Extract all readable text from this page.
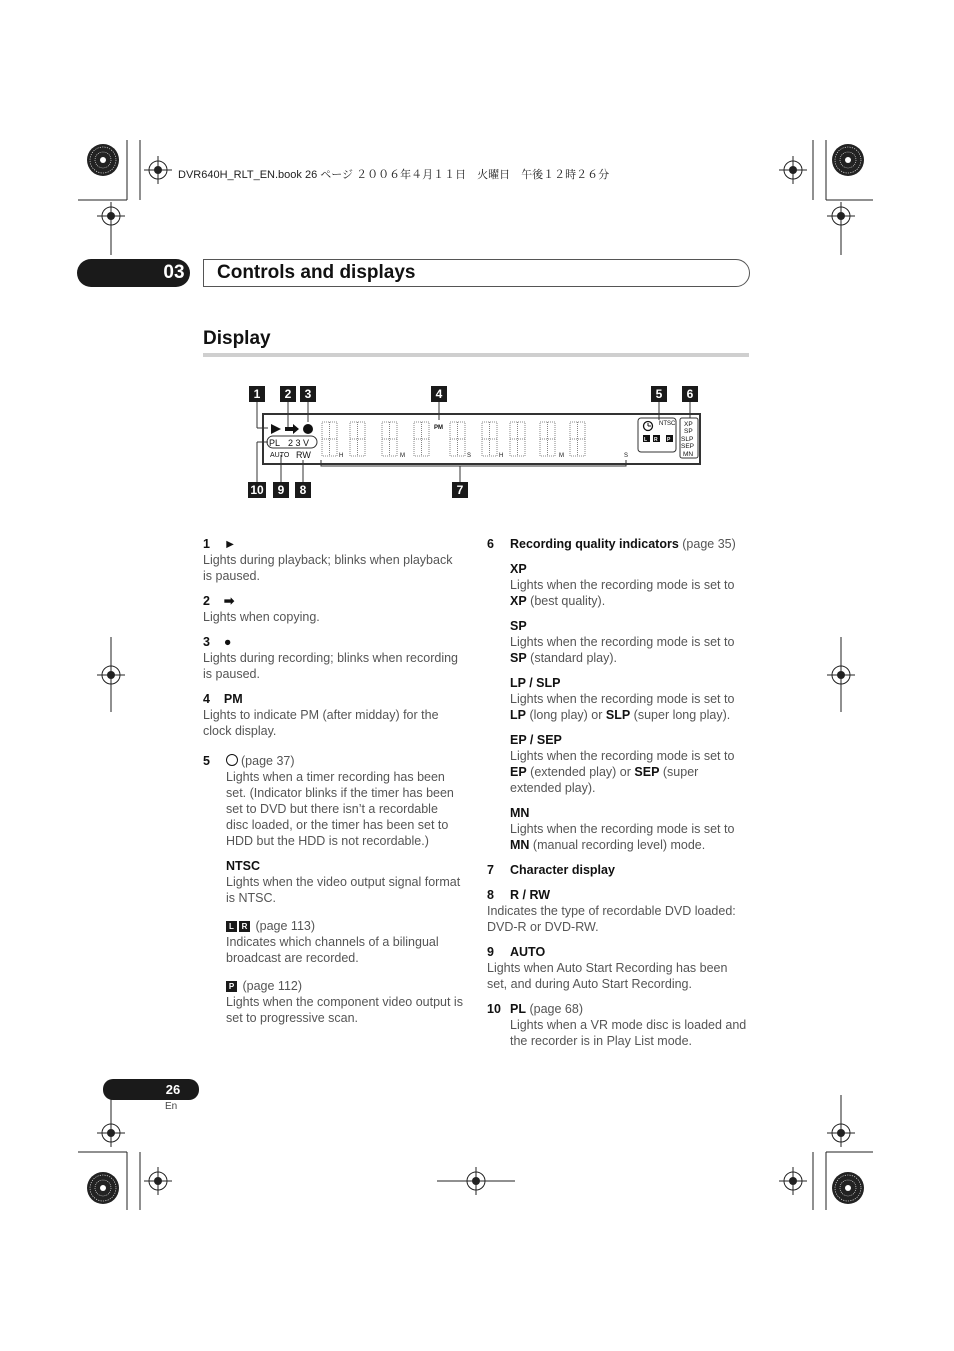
DVR640H_RLT_EN.book 26 ページ ２００６年４月１１日　火曜日　午後１２時２６分
03 Controls and displays
Display
PL 2 3 V
AUTO RW
PM
NTSC
L R P
XP
SP
SLP
SEP
MN
H	M	S	H	M	S
1	2	3	4	5	6
10	9	8	7
1 ►
Lights during playback; blinks when playback is paused.
2 ➡
Lights when copying.
3 ●
Lights during recording; blinks when recording is paused.
4 PM
Lights to indicate PM (after midday) for the clock display.
5	(page 37)
Lights when a timer recording has been set. (Indicator blinks if the timer has been set to DVD but there isn’t a recordable disc loaded, or the timer has been set to HDD but the HDD is not recordable.)
NTSC
Lights when the video output signal format is NTSC.
L R (page 113)
Indicates which channels of a bilingual broadcast are recorded.
P (page 112)
Lights when the component video output is set to progressive scan.
6 Recording quality indicators (page 35)
XP
Lights when the recording mode is set to XP (best quality).
SP
Lights when the recording mode is set to SP (standard play).
LP / SLP
Lights when the recording mode is set to LP (long play) or SLP (super long play).
EP / SEP
Lights when the recording mode is set to EP (extended play) or SEP (super extended play).
MN
Lights when the recording mode is set to MN (manual recording level) mode.
7 Character display
8 R / RW
Indicates the type of recordable DVD loaded: DVD-R or DVD-RW.
9 AUTO
Lights when Auto Start Recording has been set, and during Auto Start Recording.
10 PL (page 68)
Lights when a VR mode disc is loaded and the recorder is in Play List mode.
26
En
